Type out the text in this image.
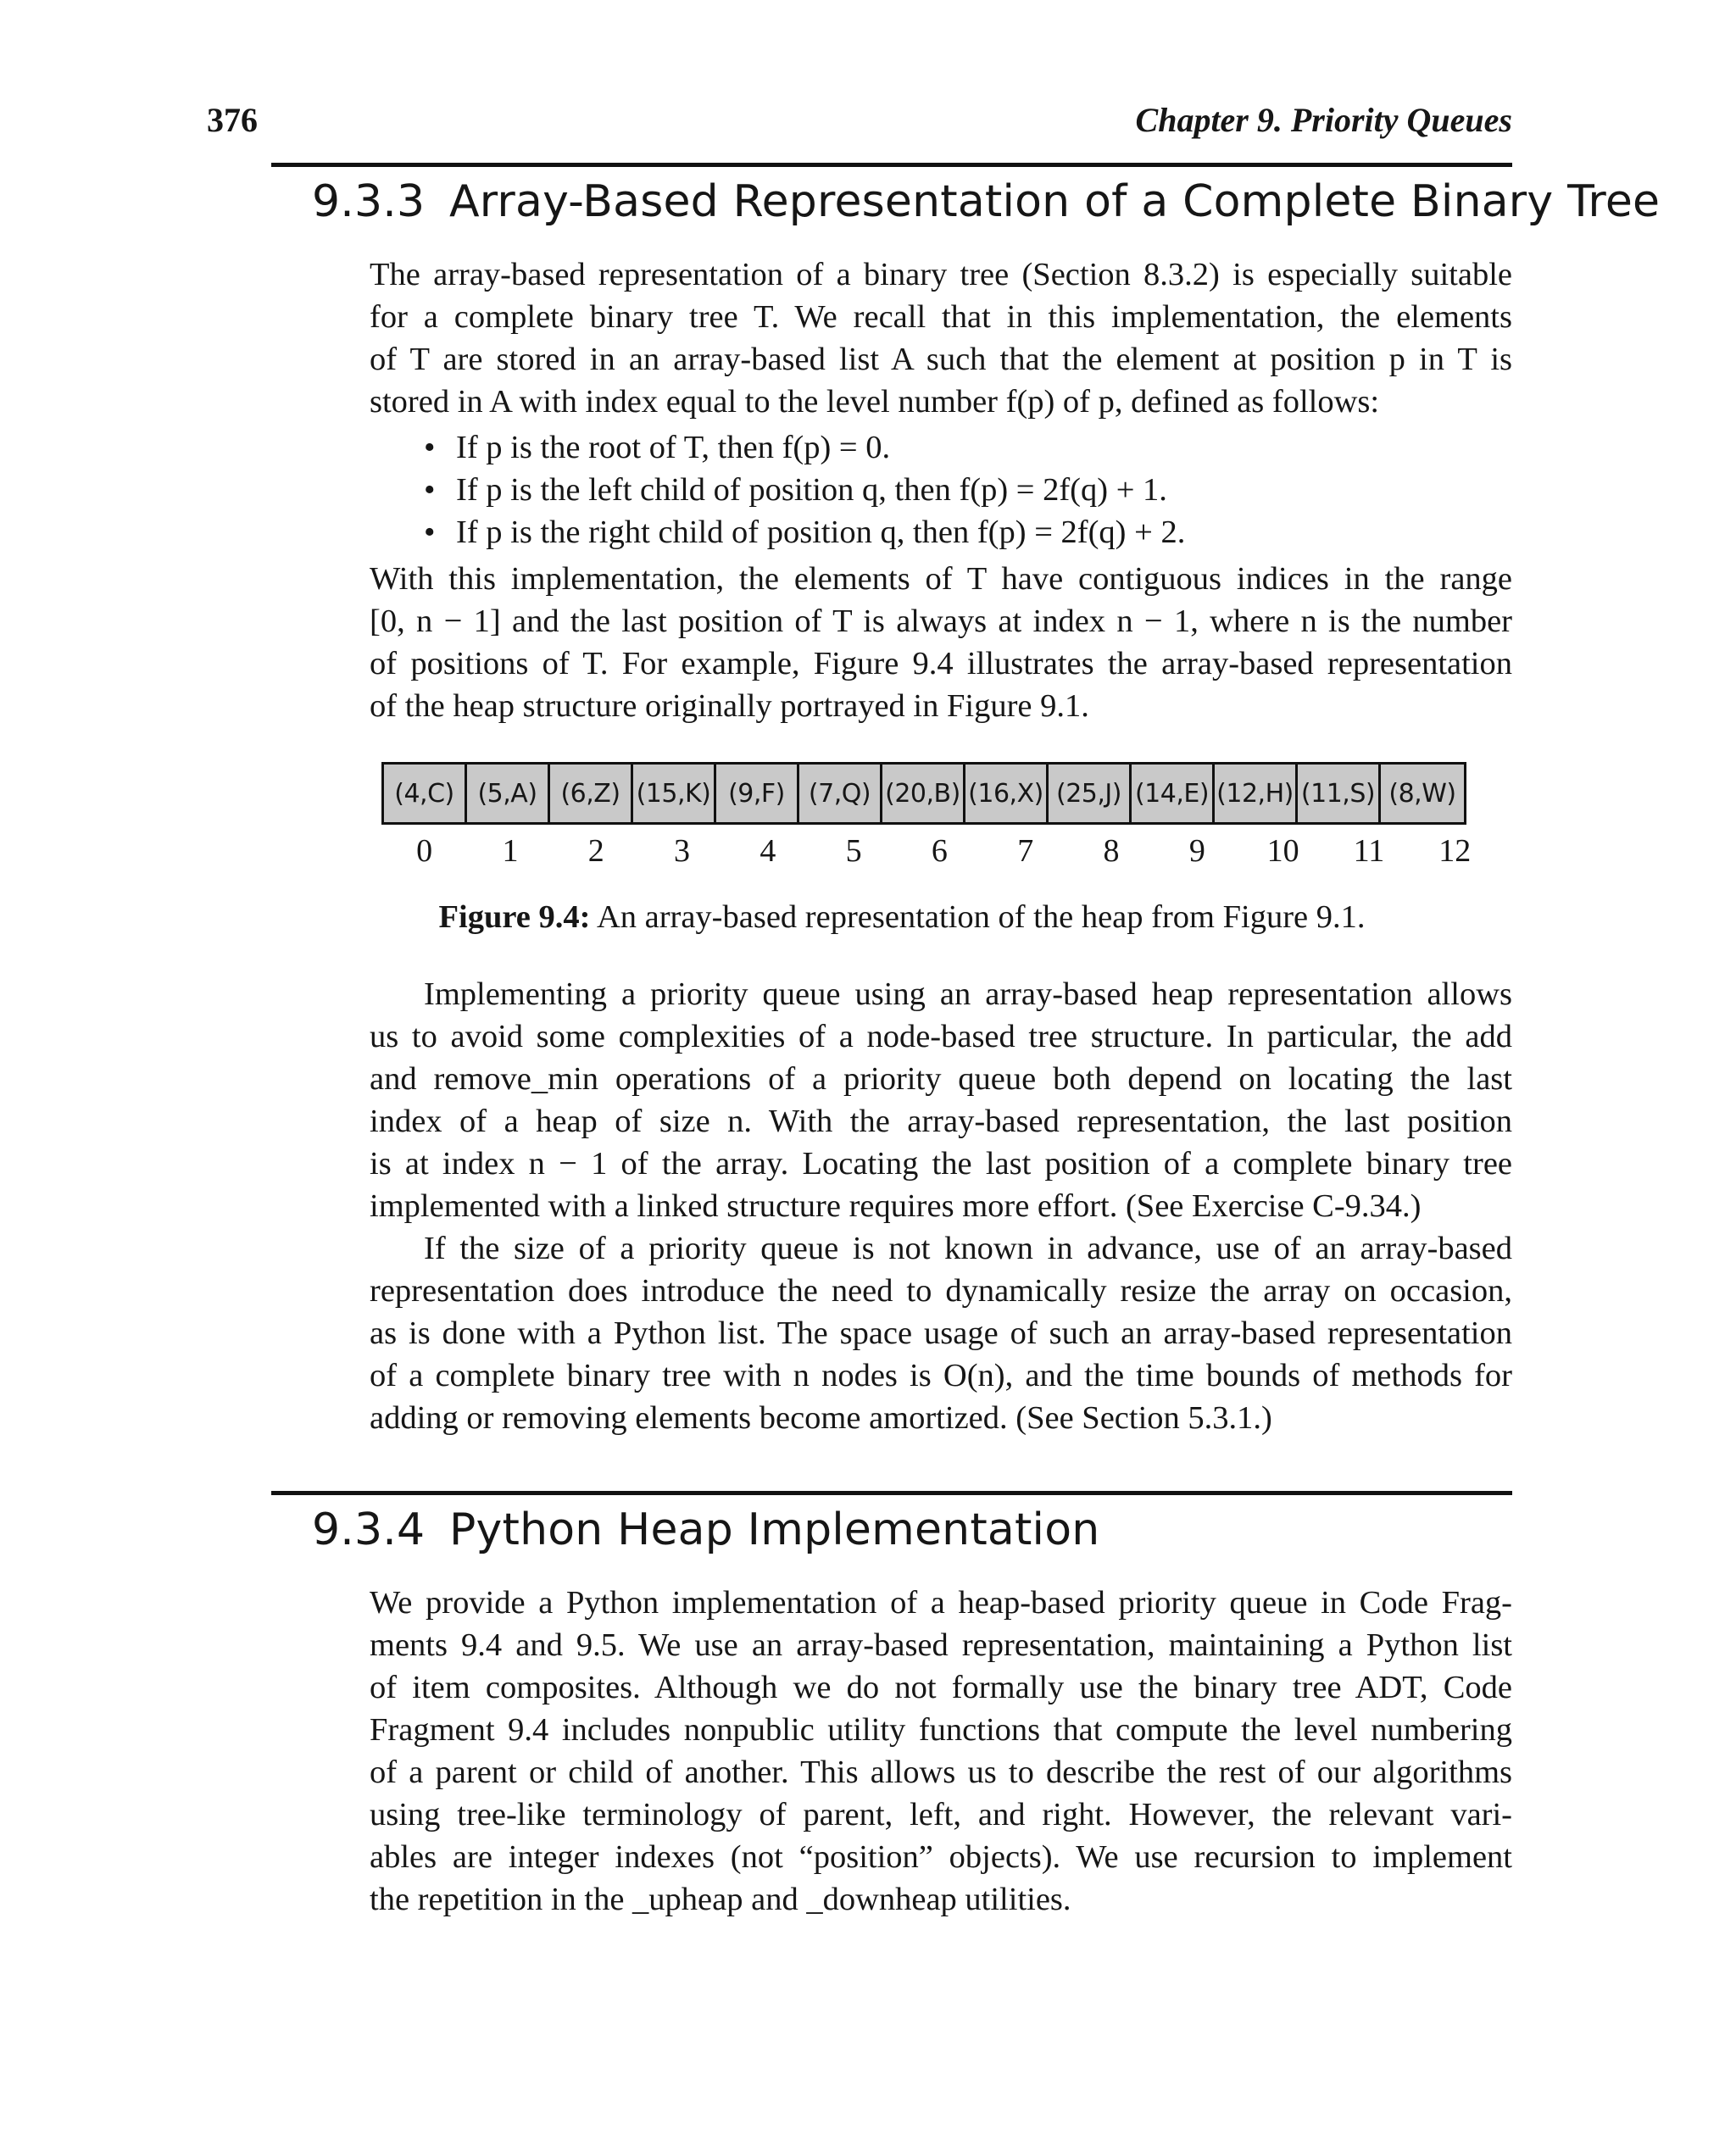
376	Chapter 9. Priority Queues
9.3.3 Array-Based Representation of a Complete Binary Tree
The array-based representation of a binary tree (Section 8.3.2) is especially suitable
for a complete binary tree T. We recall that in this implementation, the elements
of T are stored in an array-based list A such that the element at position p in T is
stored in A with index equal to the level number f(p) of p, defined as follows:
• If p is the root of T, then f(p) = 0.
• If p is the left child of position q, then f(p) = 2f(q) + 1.
• If p is the right child of position q, then f(p) = 2f(q) + 2.
With this implementation, the elements of T have contiguous indices in the range
[0, n − 1] and the last position of T is always at index n − 1, where n is the number
of positions of T. For example, Figure 9.4 illustrates the array-based representation
of the heap structure originally portrayed in Figure 9.1.
(4,C) (5,A) (6,Z) (15,K) (9,F) (7,Q) (20,B) (16,X) (25,J) (14,E) (12,H) (11,S) (8,W)
0	1	2	3	4	5	6	7	8	9	10	11	12
Figure 9.4: An array-based representation of the heap from Figure 9.1.
Implementing a priority queue using an array-based heap representation allows
us to avoid some complexities of a node-based tree structure. In particular, the add
and remove_min operations of a priority queue both depend on locating the last
index of a heap of size n. With the array-based representation, the last position
is at index n − 1 of the array. Locating the last position of a complete binary tree
implemented with a linked structure requires more effort. (See Exercise C-9.34.)
If the size of a priority queue is not known in advance, use of an array-based
representation does introduce the need to dynamically resize the array on occasion,
as is done with a Python list. The space usage of such an array-based representation
of a complete binary tree with n nodes is O(n), and the time bounds of methods for
adding or removing elements become amortized. (See Section 5.3.1.)
9.3.4 Python Heap Implementation
We provide a Python implementation of a heap-based priority queue in Code Frag-
ments 9.4 and 9.5. We use an array-based representation, maintaining a Python list
of item composites. Although we do not formally use the binary tree ADT, Code
Fragment 9.4 includes nonpublic utility functions that compute the level numbering
of a parent or child of another. This allows us to describe the rest of our algorithms
using tree-like terminology of parent, left, and right. However, the relevant vari-
ables are integer indexes (not “position” objects). We use recursion to implement
the repetition in the _upheap and _downheap utilities.
